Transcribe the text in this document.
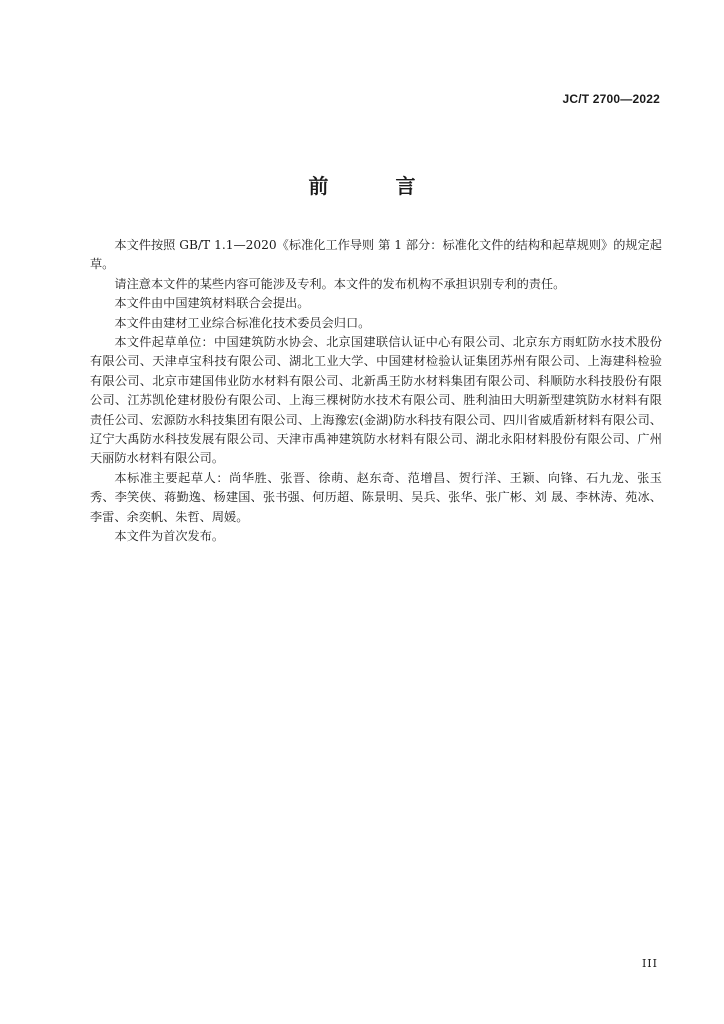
JC/T 2700—2022
前 言

本文件按照 GB/T 1.1—2020《标准化工作导则 第 1 部分：标准化文件的结构和起草规则》的规定起草。

请注意本文件的某些内容可能涉及专利。本文件的发布机构不承担识别专利的责任。

本文件由中国建筑材料联合会提出。

本文件由建材工业综合标准化技术委员会归口。

本文件起草单位：中国建筑防水协会、北京国建联信认证中心有限公司、北京东方雨虹防水技术股份有限公司、天津卓宝科技有限公司、湖北工业大学、中国建材检验认证集团苏州有限公司、上海建科检验有限公司、北京市建国伟业防水材料有限公司、北新禹王防水材料集团有限公司、科顺防水科技股份有限公司、江苏凯伦建材股份有限公司、上海三棵树防水技术有限公司、胜利油田大明新型建筑防水材料有限责任公司、宏源防水科技集团有限公司、上海豫宏(金湖)防水科技有限公司、四川省威盾新材料有限公司、辽宁大禹防水科技发展有限公司、天津市禹神建筑防水材料有限公司、湖北永阳材料股份有限公司、广州天丽防水材料有限公司。

本标准主要起草人：尚华胜、张晋、徐萌、赵东奇、范增昌、贺行洋、王颖、向锋、石九龙、张玉秀、李笑侠、蒋勤逸、杨建国、张书强、何历超、陈景明、吴兵、张华、张广彬、刘 晟、李林涛、苑冰、李雷、余奕帆、朱哲、周媛。

本文件为首次发布。

III
